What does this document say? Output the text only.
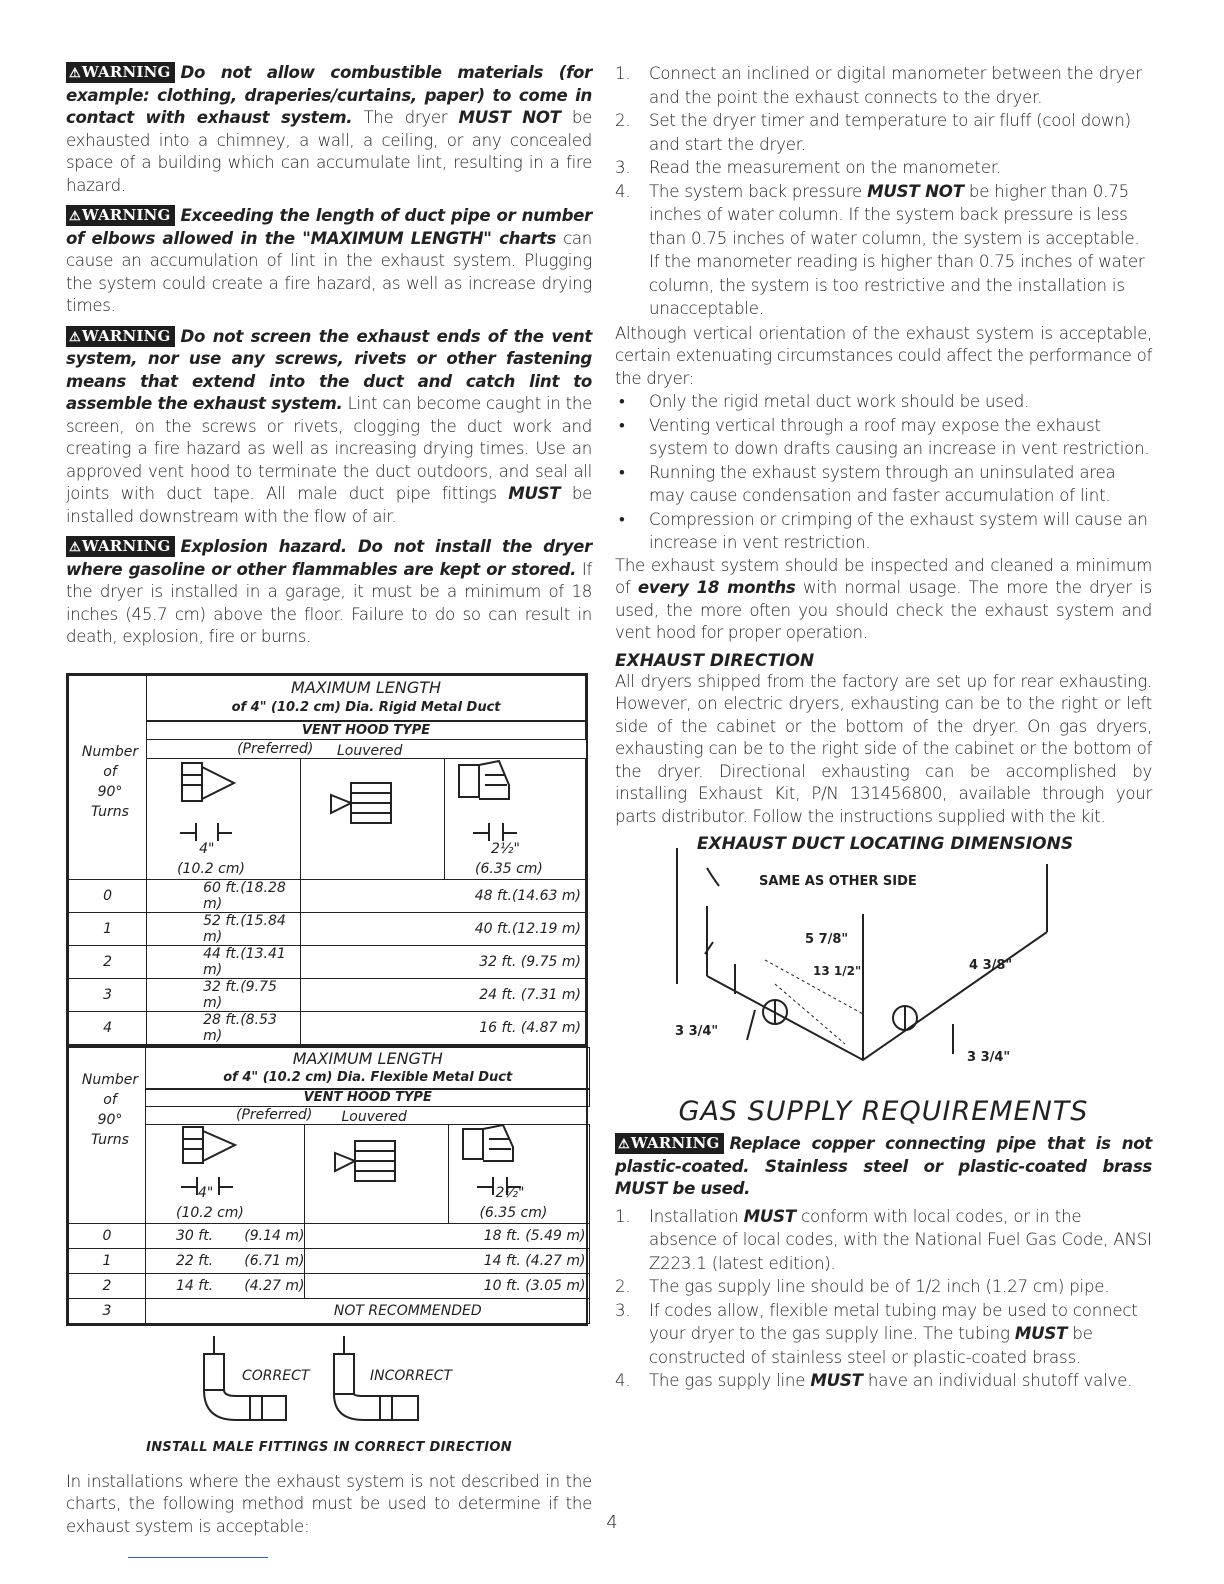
⚠WARNING Do not allow combustible materials (for example: clothing, draperies/curtains, paper) to come in contact with exhaust system. The dryer MUST NOT be exhausted into a chimney, a wall, a ceiling, or any concealed space of a building which can accumulate lint, resulting in a fire hazard.

⚠WARNING Exceeding the length of duct pipe or number of elbows allowed in the "MAXIMUM LENGTH" charts can cause an accumulation of lint in the exhaust system. Plugging the system could create a fire hazard, as well as increase drying times.

⚠WARNING Do not screen the exhaust ends of the vent system, nor use any screws, rivets or other fastening means that extend into the duct and catch lint to assemble the exhaust system. Lint can become caught in the screen, on the screws or rivets, clogging the duct work and creating a fire hazard as well as increasing drying times. Use an approved vent hood to terminate the duct outdoors, and seal all joints with duct tape. All male duct pipe fittings MUST be installed downstream with the flow of air.

⚠WARNING Explosion hazard. Do not install the dryer where gasoline or other flammables are kept or stored. If the dryer is installed in a garage, it must be a minimum of 18 inches (45.7 cm) above the floor. Failure to do so can result in death, explosion, fire or burns.

Number
of
90°
Turns

MAXIMUM LENGTH
of 4" (10.2 cm) Dia. Rigid Metal Duct

VENT HOOD TYPE
(Preferred)

4"
(10.2 cm)

Louvered

2½"
(6.35 cm)

0	60 ft.(18.28 m)	48 ft.(14.63 m)
1	52 ft.(15.84 m)	40 ft.(12.19 m)
2	44 ft.(13.41 m)	32 ft. (9.75 m)
3	32 ft.(9.75 m)	24 ft. (7.31 m)
4	28 ft.(8.53 m)	16 ft. (4.87 m)
Number
of
90°
Turns

MAXIMUM LENGTH
of 4" (10.2 cm) Dia. Flexible Metal Duct

VENT HOOD TYPE
(Preferred)

4"
(10.2 cm)

Louvered

2½"
(6.35 cm)

0	30 ft.       (9.14 m)	18 ft. (5.49 m)
1	22 ft.       (6.71 m)	14 ft. (4.27 m)
2	14 ft.       (4.27 m)	10 ft. (3.05 m)
3	NOT RECOMMENDED
CORRECT	INCORRECT
INSTALL MALE FITTINGS IN CORRECT DIRECTION

In installations where the exhaust system is not described in the charts, the following method must be used to determine if the exhaust system is acceptable:

1. Connect an inclined or digital manometer between the dryer and the point the exhaust connects to the dryer.
2. Set the dryer timer and temperature to air fluff (cool down) and start the dryer.
3. Read the measurement on the manometer.
4. The system back pressure MUST NOT be higher than 0.75 inches of water column. If the system back pressure is less than 0.75 inches of water column, the system is acceptable. If the manometer reading is higher than 0.75 inches of water column, the system is too restrictive and the installation is unacceptable.

Although vertical orientation of the exhaust system is acceptable, certain extenuating circumstances could affect the performance of the dryer:

• Only the rigid metal duct work should be used.
• Venting vertical through a roof may expose the exhaust system to down drafts causing an increase in vent restriction.
• Running the exhaust system through an uninsulated area may cause condensation and faster accumulation of lint.
• Compression or crimping of the exhaust system will cause an increase in vent restriction.

The exhaust system should be inspected and cleaned a minimum of every 18 months with normal usage. The more the dryer is used, the more often you should check the exhaust system and vent hood for proper operation.

EXHAUST DIRECTION

All dryers shipped from the factory are set up for rear exhausting. However, on electric dryers, exhausting can be to the right or left side of the cabinet or the bottom of the dryer. On gas dryers, exhausting can be to the right side of the cabinet or the bottom of the dryer. Directional exhausting can be accomplished by installing Exhaust Kit, P/N 131456800, available through your parts distributor. Follow the instructions supplied with the kit.

EXHAUST DUCT LOCATING DIMENSIONS
SAME AS OTHER SIDE
5 7/8"
13 1/2"	4 3/8"
3 3/4"
3 3/4"
GAS SUPPLY REQUIREMENTS

⚠WARNING Replace copper connecting pipe that is not plastic-coated. Stainless steel or plastic-coated brass MUST be used.

1. Installation MUST conform with local codes, or in the absence of local codes, with the National Fuel Gas Code, ANSI Z223.1 (latest edition).
2. The gas supply line should be of 1/2 inch (1.27 cm) pipe.
3. If codes allow, flexible metal tubing may be used to connect your dryer to the gas supply line. The tubing MUST be constructed of stainless steel or plastic-coated brass.
4. The gas supply line MUST have an individual shutoff valve.
4
